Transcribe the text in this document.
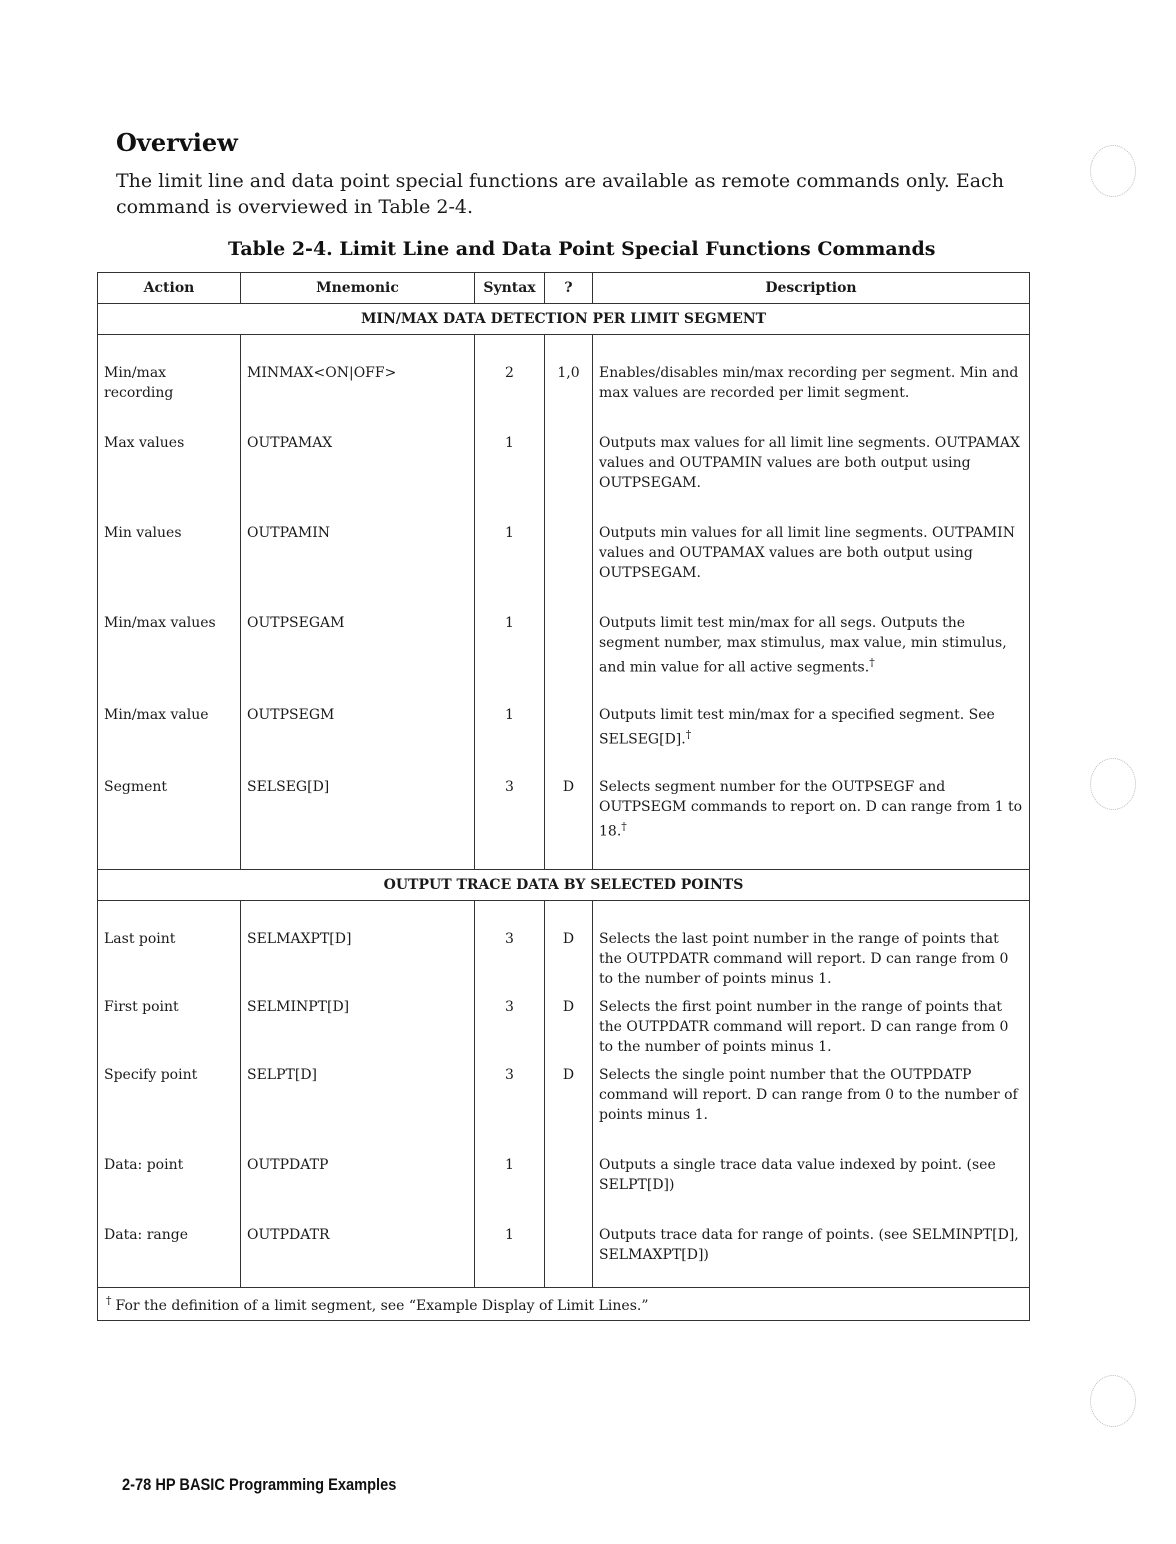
Overview
The limit line and data point special functions are available as remote commands only. Each command is overviewed in Table 2-4.
Table 2-4. Limit Line and Data Point Special Functions Commands
Action	Mnemonic	Syntax	?	Description
MIN/MAX DATA DETECTION PER LIMIT SEGMENT				

Min/max recording	MINMAX<ON|OFF>	2	1,0	Enables/disables min/max recording per segment. Min and max values are recorded per limit segment.
Max values	OUTPAMAX	1		Outputs max values for all limit line segments. OUTPAMAX values and OUTPAMIN values are both output using OUTPSEGAM.
Min values	OUTPAMIN	1		Outputs min values for all limit line segments. OUTPAMIN values and OUTPAMAX values are both output using OUTPSEGAM.
Min/max values	OUTPSEGAM	1		Outputs limit test min/max for all segs. Outputs the segment number, max stimulus, max value, min stimulus, and min value for all active segments.†
Min/max value	OUTPSEGM	1		Outputs limit test min/max for a specified segment. See SELSEG[D].†
Segment	SELSEG[D]	3	D	Selects segment number for the OUTPSEGF and OUTPSEGM commands to report on. D can range from 1 to 18.†
OUTPUT TRACE DATA BY SELECTED POINTS				

Last point	SELMAXPT[D]	3	D	Selects the last point number in the range of points that the OUTPDATR command will report. D can range from 0 to the number of points minus 1.
First point	SELMINPT[D]	3	D	Selects the first point number in the range of points that the OUTPDATR command will report. D can range from 0 to the number of points minus 1.
Specify point	SELPT[D]	3	D	Selects the single point number that the OUTPDATP command will report. D can range from 0 to the number of points minus 1.
Data: point	OUTPDATP	1		Outputs a single trace data value indexed by point. (see SELPT[D])
Data: range	OUTPDATR	1		Outputs trace data for range of points. (see SELMINPT[D], SELMAXPT[D])
† For the definition of a limit segment, see “Example Display of Limit Lines.”				
2-78 HP BASIC Programming Examples
